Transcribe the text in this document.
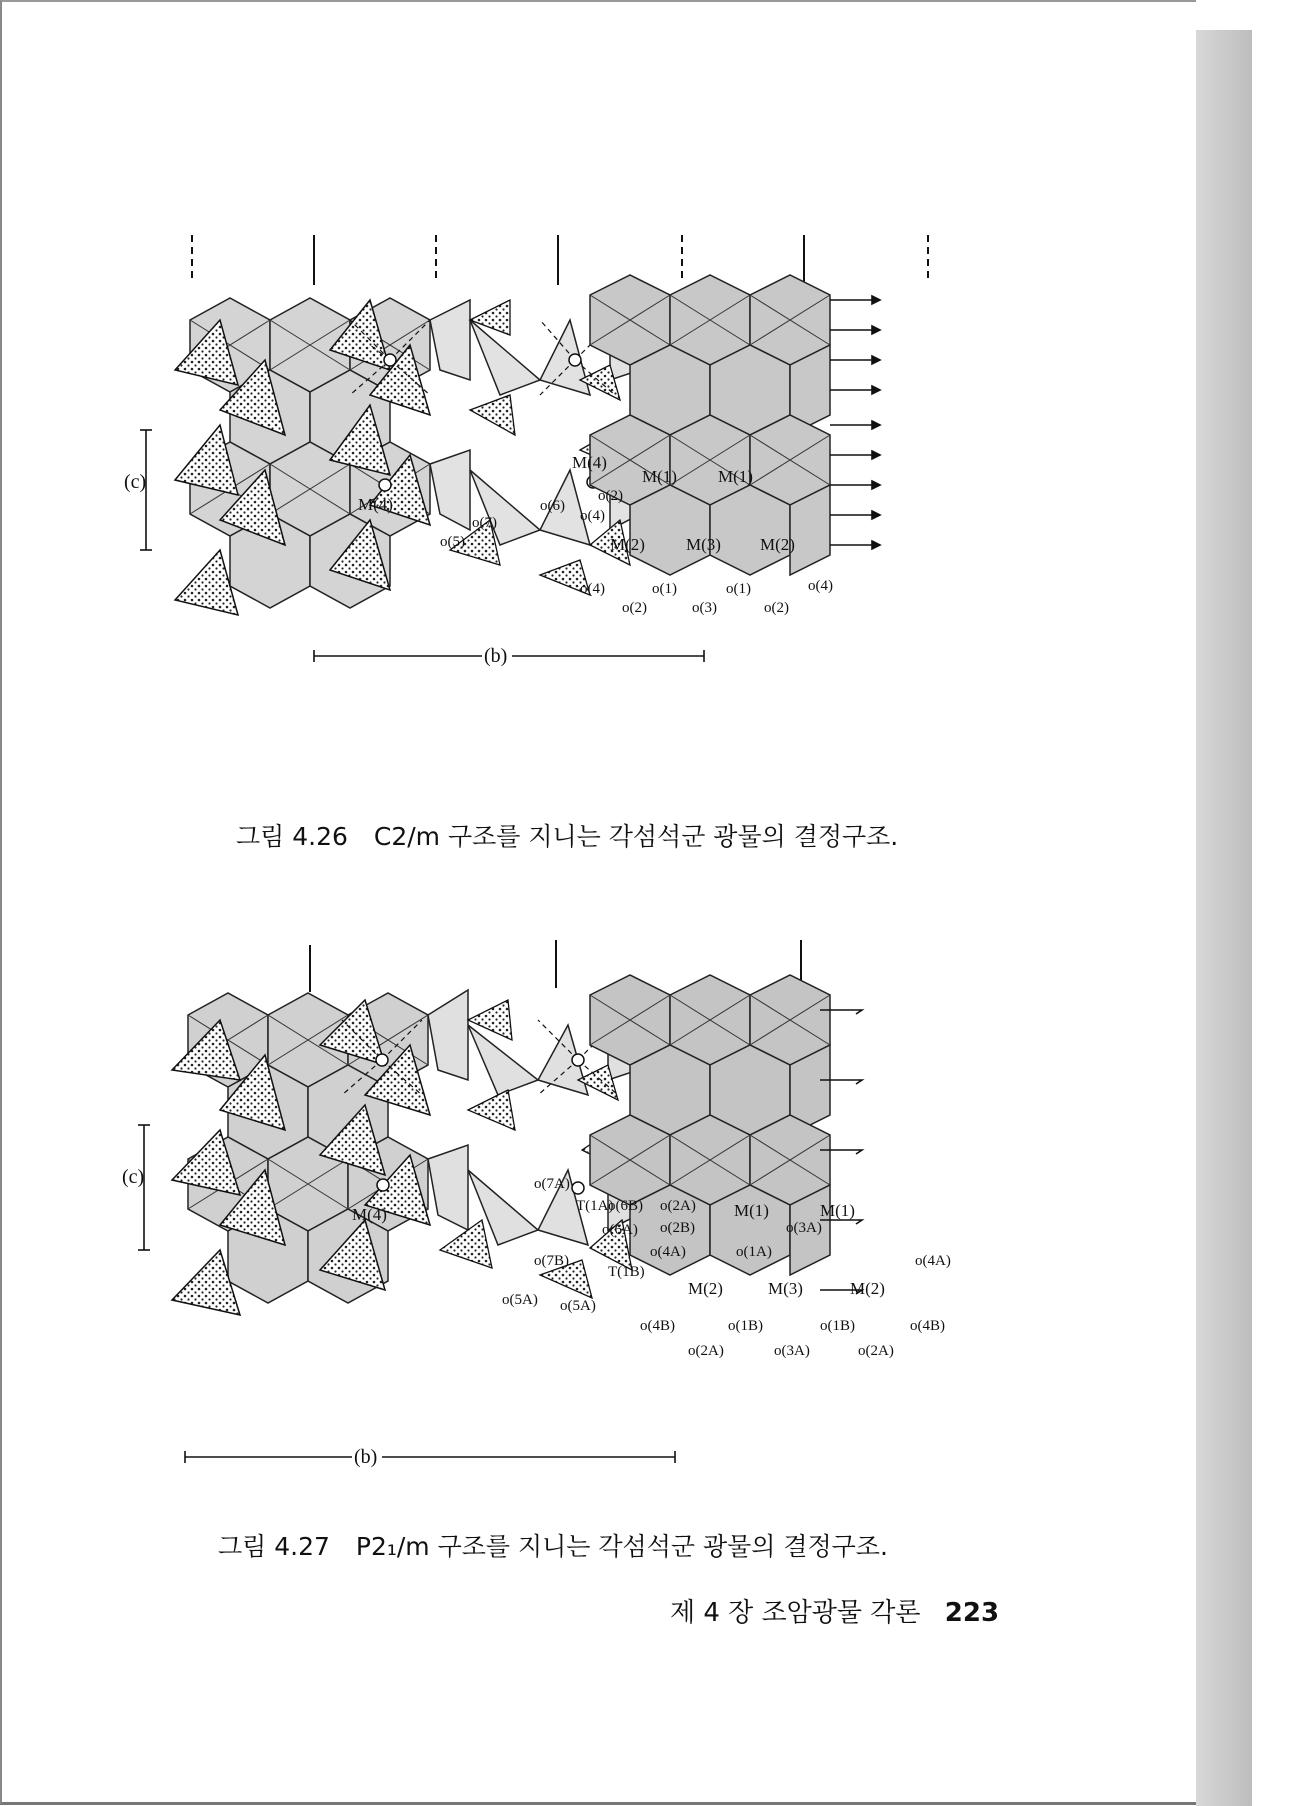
(c)
(b)
M(4)
M(4)
M(1) M(1)
M(2) M(3) M(2)
o(6)
o(2)
o(4)
o(7)
o(5)
o(4)	o(1)	o(1)	o(4)
o(2)	o(3)	o(2)
그림 4.26 C2/m 구조를 지니는 각섬석군 광물의 결정구조.
(c)
(b)
M(4)
o(7A)
T(1A)
o(6B) o(2A) M(1)	M(1)
o(6A) o(2B)	o(3A)
o(4A)	o(1A)
o(7B)
T(1B)
o(4A)
o(5A) o(5A)
M(2)	M(3)	M(2)
o(4B)	o(1B)	o(1B)	o(4B)
o(2A)	o(3A)	o(2A)
그림 4.27 P2₁/m 구조를 지니는 각섬석군 광물의 결정구조.
제 4 장 조암광물 각론 223
